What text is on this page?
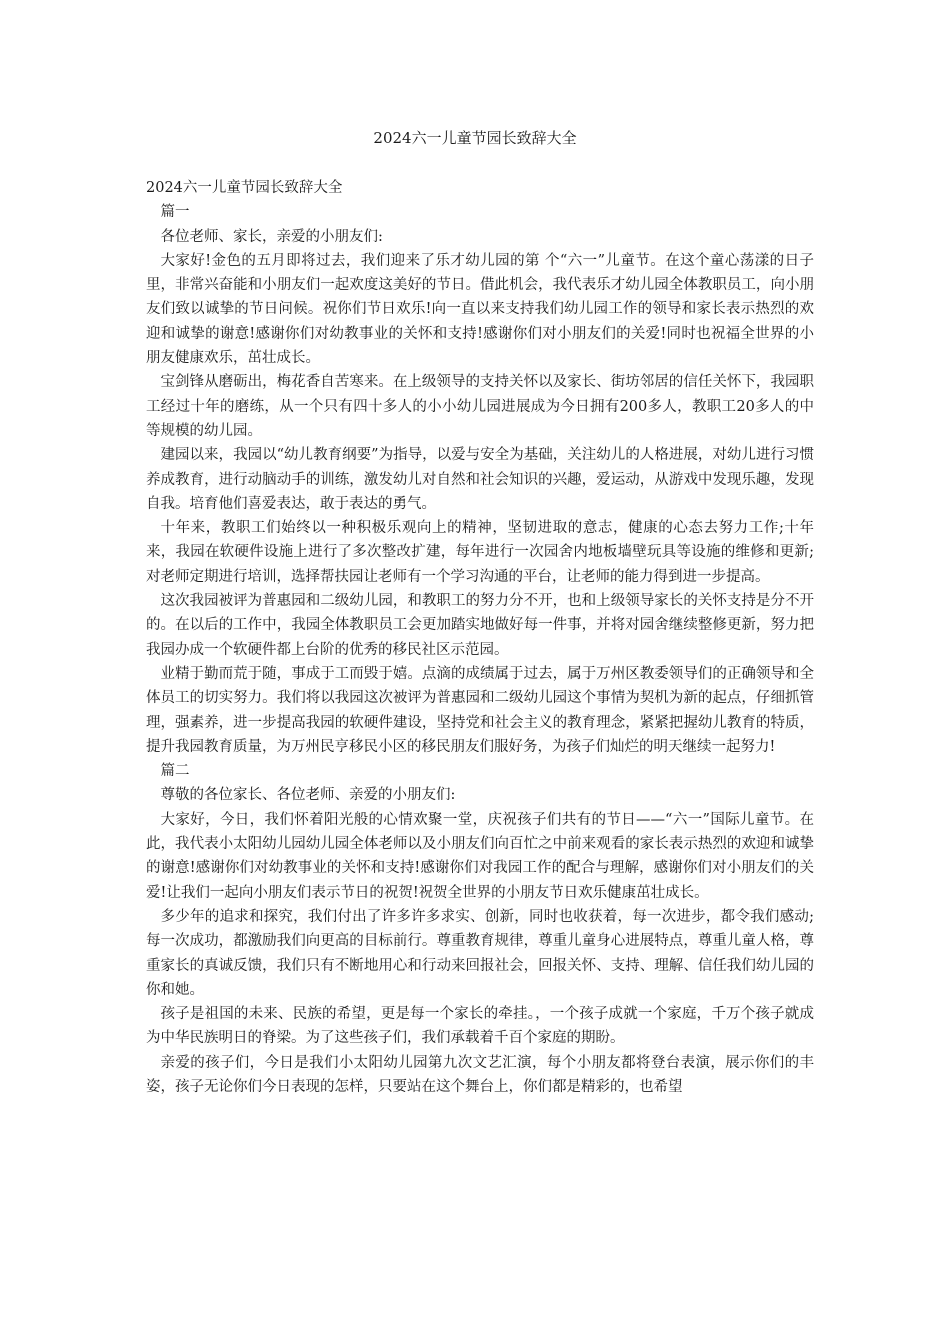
2024六一儿童节园长致辞大全

2024六一儿童节园长致辞大全

篇一

各位老师、家长，亲爱的小朋友们:

大家好!金色的五月即将过去，我们迎来了乐才幼儿园的第 个“六一”儿童节。在这个童心荡漾的日子里，非常兴奋能和小朋友们一起欢度这美好的节日。借此机会，我代表乐才幼儿园全体教职员工，向小朋友们致以诚挚的节日问候。祝你们节日欢乐!向一直以来支持我们幼儿园工作的领导和家长表示热烈的欢迎和诚挚的谢意!感谢你们对幼教事业的关怀和支持!感谢你们对小朋友们的关爱!同时也祝福全世界的小朋友健康欢乐，茁壮成长。

宝剑锋从磨砺出，梅花香自苦寒来。在上级领导的支持关怀以及家长、街坊邻居的信任关怀下，我园职工经过十年的磨练，从一个只有四十多人的小小幼儿园进展成为今日拥有200多人，教职工20多人的中等规模的幼儿园。

建园以来，我园以“幼儿教育纲要”为指导，以爱与安全为基础，关注幼儿的人格进展，对幼儿进行习惯养成教育，进行动脑动手的训练，激发幼儿对自然和社会知识的兴趣，爱运动，从游戏中发现乐趣，发现自我。培育他们喜爱表达，敢于表达的勇气。

十年来，教职工们始终以一种积极乐观向上的精神，坚韧进取的意志，健康的心态去努力工作;十年来，我园在软硬件设施上进行了多次整改扩建，每年进行一次园舍内地板墙壁玩具等设施的维修和更新;对老师定期进行培训，选择帮扶园让老师有一个学习沟通的平台，让老师的能力得到进一步提高。

这次我园被评为普惠园和二级幼儿园，和教职工的努力分不开，也和上级领导家长的关怀支持是分不开的。在以后的工作中，我园全体教职员工会更加踏实地做好每一件事，并将对园舍继续整修更新，努力把我园办成一个软硬件都上台阶的优秀的移民社区示范园。

业精于勤而荒于随，事成于工而毁于嬉。点滴的成绩属于过去，属于万州区教委领导们的正确领导和全体员工的切实努力。我们将以我园这次被评为普惠园和二级幼儿园这个事情为契机为新的起点，仔细抓管理，强素养，进一步提高我园的软硬件建设，坚持党和社会主义的教育理念，紧紧把握幼儿教育的特质，提升我园教育质量，为万州民亨移民小区的移民朋友们服好务，为孩子们灿烂的明天继续一起努力!

篇二

尊敬的各位家长、各位老师、亲爱的小朋友们:

大家好，今日，我们怀着阳光般的心情欢聚一堂，庆祝孩子们共有的节日——“六一”国际儿童节。在此，我代表小太阳幼儿园幼儿园全体老师以及小朋友们向百忙之中前来观看的家长表示热烈的欢迎和诚挚的谢意!感谢你们对幼教事业的关怀和支持!感谢你们对我园工作的配合与理解，感谢你们对小朋友们的关爱!让我们一起向小朋友们表示节日的祝贺!祝贺全世界的小朋友节日欢乐健康茁壮成长。

多少年的追求和探究，我们付出了许多许多求实、创新，同时也收获着，每一次进步，都令我们感动;每一次成功，都激励我们向更高的目标前行。尊重教育规律，尊重儿童身心进展特点，尊重儿童人格，尊重家长的真诚反馈，我们只有不断地用心和行动来回报社会，回报关怀、支持、理解、信任我们幼儿园的你和她。

孩子是祖国的未来、民族的希望，更是每一个家长的牵挂。，一个孩子成就一个家庭，千万个孩子就成为中华民族明日的脊梁。为了这些孩子们，我们承载着千百个家庭的期盼。

亲爱的孩子们，今日是我们小太阳幼儿园第九次文艺汇演，每个小朋友都将登台表演，展示你们的丰姿，孩子无论你们今日表现的怎样，只要站在这个舞台上，你们都是精彩的，也希望
